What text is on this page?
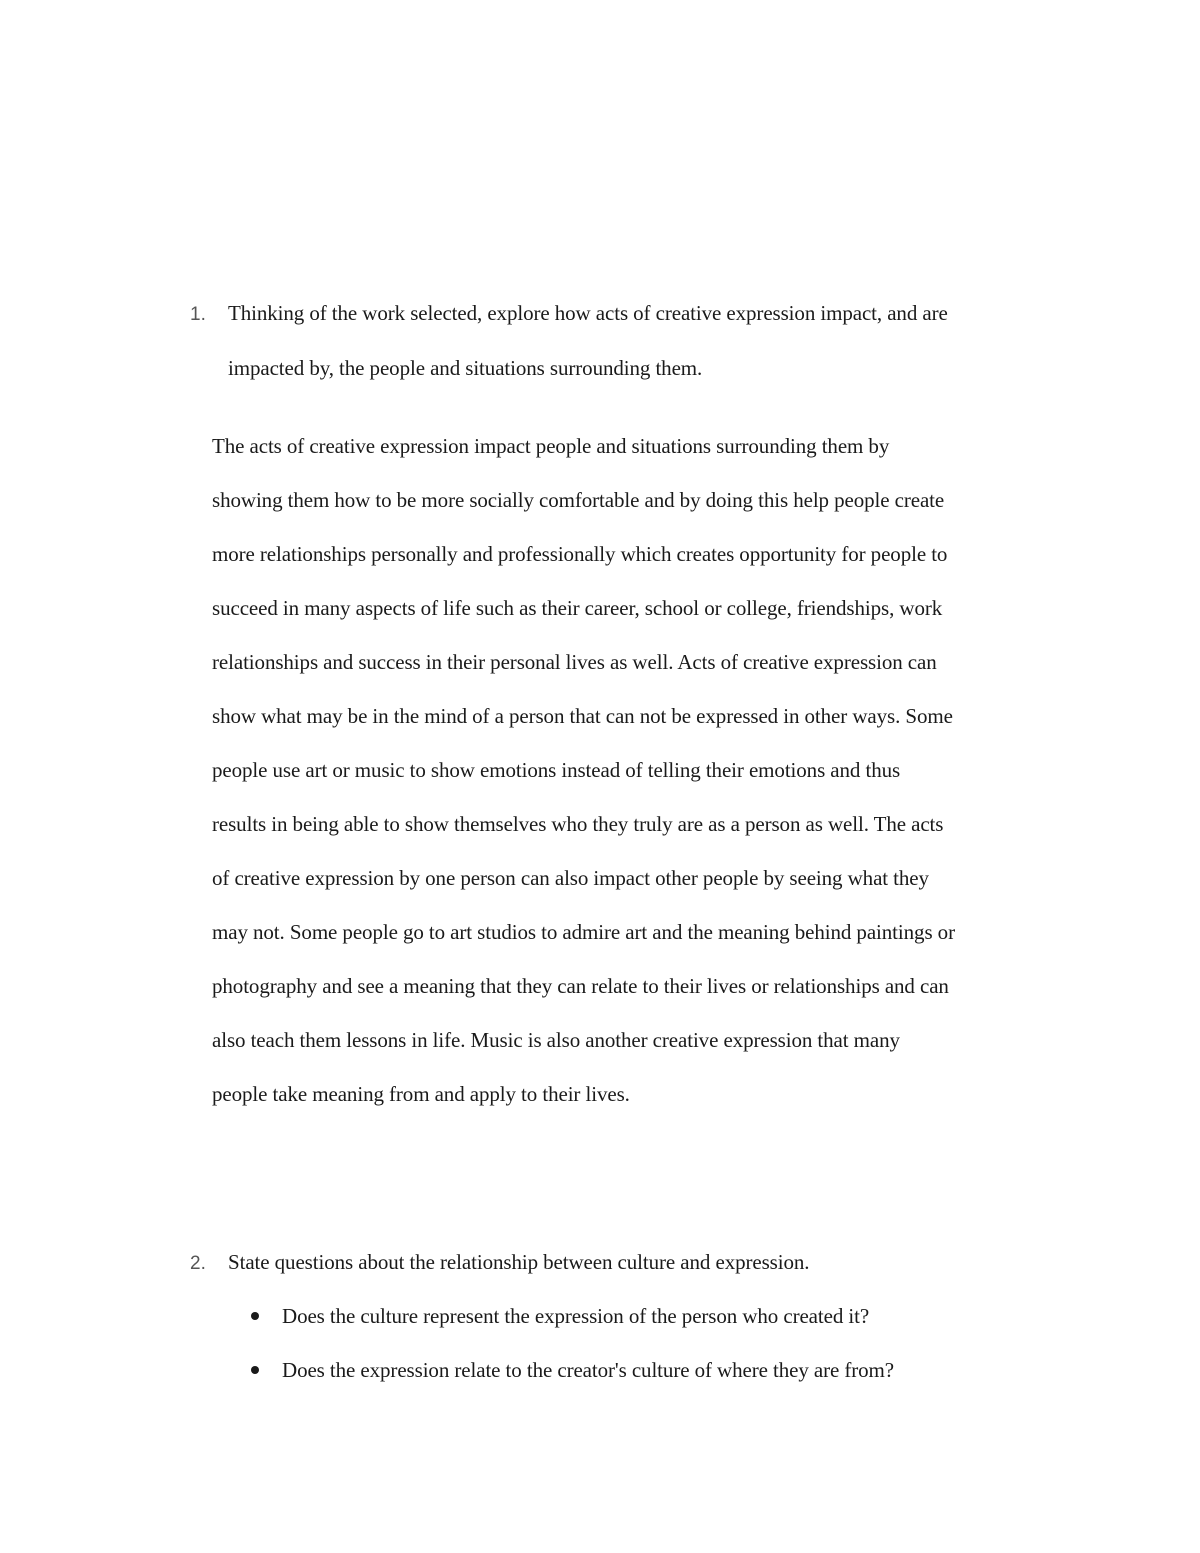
1. Thinking of the work selected, explore how acts of creative expression impact, and are
impacted by, the people and situations surrounding them.
The acts of creative expression impact people and situations surrounding them by
showing them how to be more socially comfortable and by doing this help people create
more relationships personally and professionally which creates opportunity for people to
succeed in many aspects of life such as their career, school or college, friendships, work
relationships and success in their personal lives as well. Acts of creative expression can
show what may be in the mind of a person that can not be expressed in other ways. Some
people use art or music to show emotions instead of telling their emotions and thus
results in being able to show themselves who they truly are as a person as well. The acts
of creative expression by one person can also impact other people by seeing what they
may not. Some people go to art studios to admire art and the meaning behind paintings or
photography and see a meaning that they can relate to their lives or relationships and can
also teach them lessons in life. Music is also another creative expression that many
people take meaning from and apply to their lives.
2. State questions about the relationship between culture and expression.
Does the culture represent the expression of the person who created it?
Does the expression relate to the creator's culture of where they are from?
